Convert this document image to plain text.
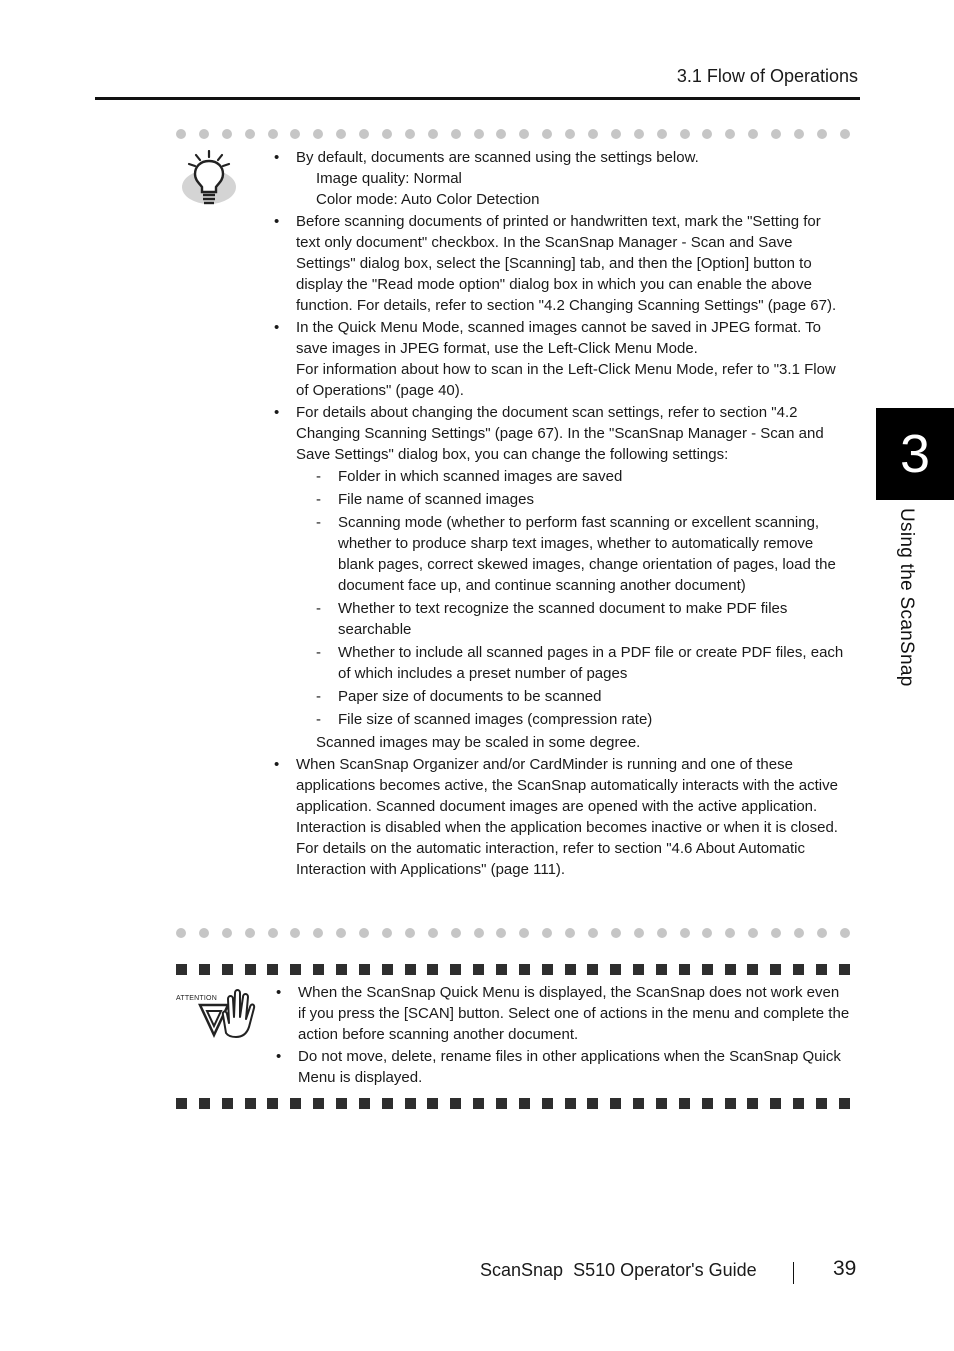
3.1 Flow of Operations
• By default, documents are scanned using the settings below.
Image quality: Normal
Color mode: Auto Color Detection
• Before scanning documents of printed or handwritten text, mark the "Setting for text only document" checkbox. In the ScanSnap Manager - Scan and Save Settings" dialog box, select the [Scanning] tab, and then the [Option] button to display the "Read mode option" dialog box in which you can enable the above function. For details, refer to section "4.2 Changing Scanning Settings" (page 67).
• In the Quick Menu Mode, scanned images cannot be saved in JPEG format. To save images in JPEG format, use the Left-Click Menu Mode.
For information about how to scan in the Left-Click Menu Mode, refer to "3.1 Flow of Operations" (page 40).
• For details about changing the document scan settings, refer to section "4.2 Changing Scanning Settings" (page 67). In the "ScanSnap Manager - Scan and Save Settings" dialog box, you can change the following settings:
- Folder in which scanned images are saved
- File name of scanned images
- Scanning mode (whether to perform fast scanning or excellent scanning, whether to produce sharp text images, whether to automatically remove blank pages, correct skewed images, change orientation of pages, load the document face up, and continue scanning another document)
- Whether to text recognize the scanned document to make PDF files searchable
- Whether to include all scanned pages in a PDF file or create PDF files, each of which includes a preset number of pages
- Paper size of documents to be scanned
- File size of scanned images (compression rate)
Scanned images may be scaled in some degree.
• When ScanSnap Organizer and/or CardMinder is running and one of these applications becomes active, the ScanSnap automatically interacts with the active application. Scanned document images are opened with the active application. Interaction is disabled when the application becomes inactive or when it is closed.
For details on the automatic interaction, refer to section "4.6 About Automatic Interaction with Applications" (page 111).
ATTENTION
•	When the ScanSnap Quick Menu is displayed, the ScanSnap does not work even if you press the [SCAN] button. Select one of actions in the menu and complete the action before scanning another document.
• Do not move, delete, rename files in other applications when the ScanSnap Quick Menu is displayed.
3
Using the ScanSnap
ScanSnap  S510 Operator's Guide	39
